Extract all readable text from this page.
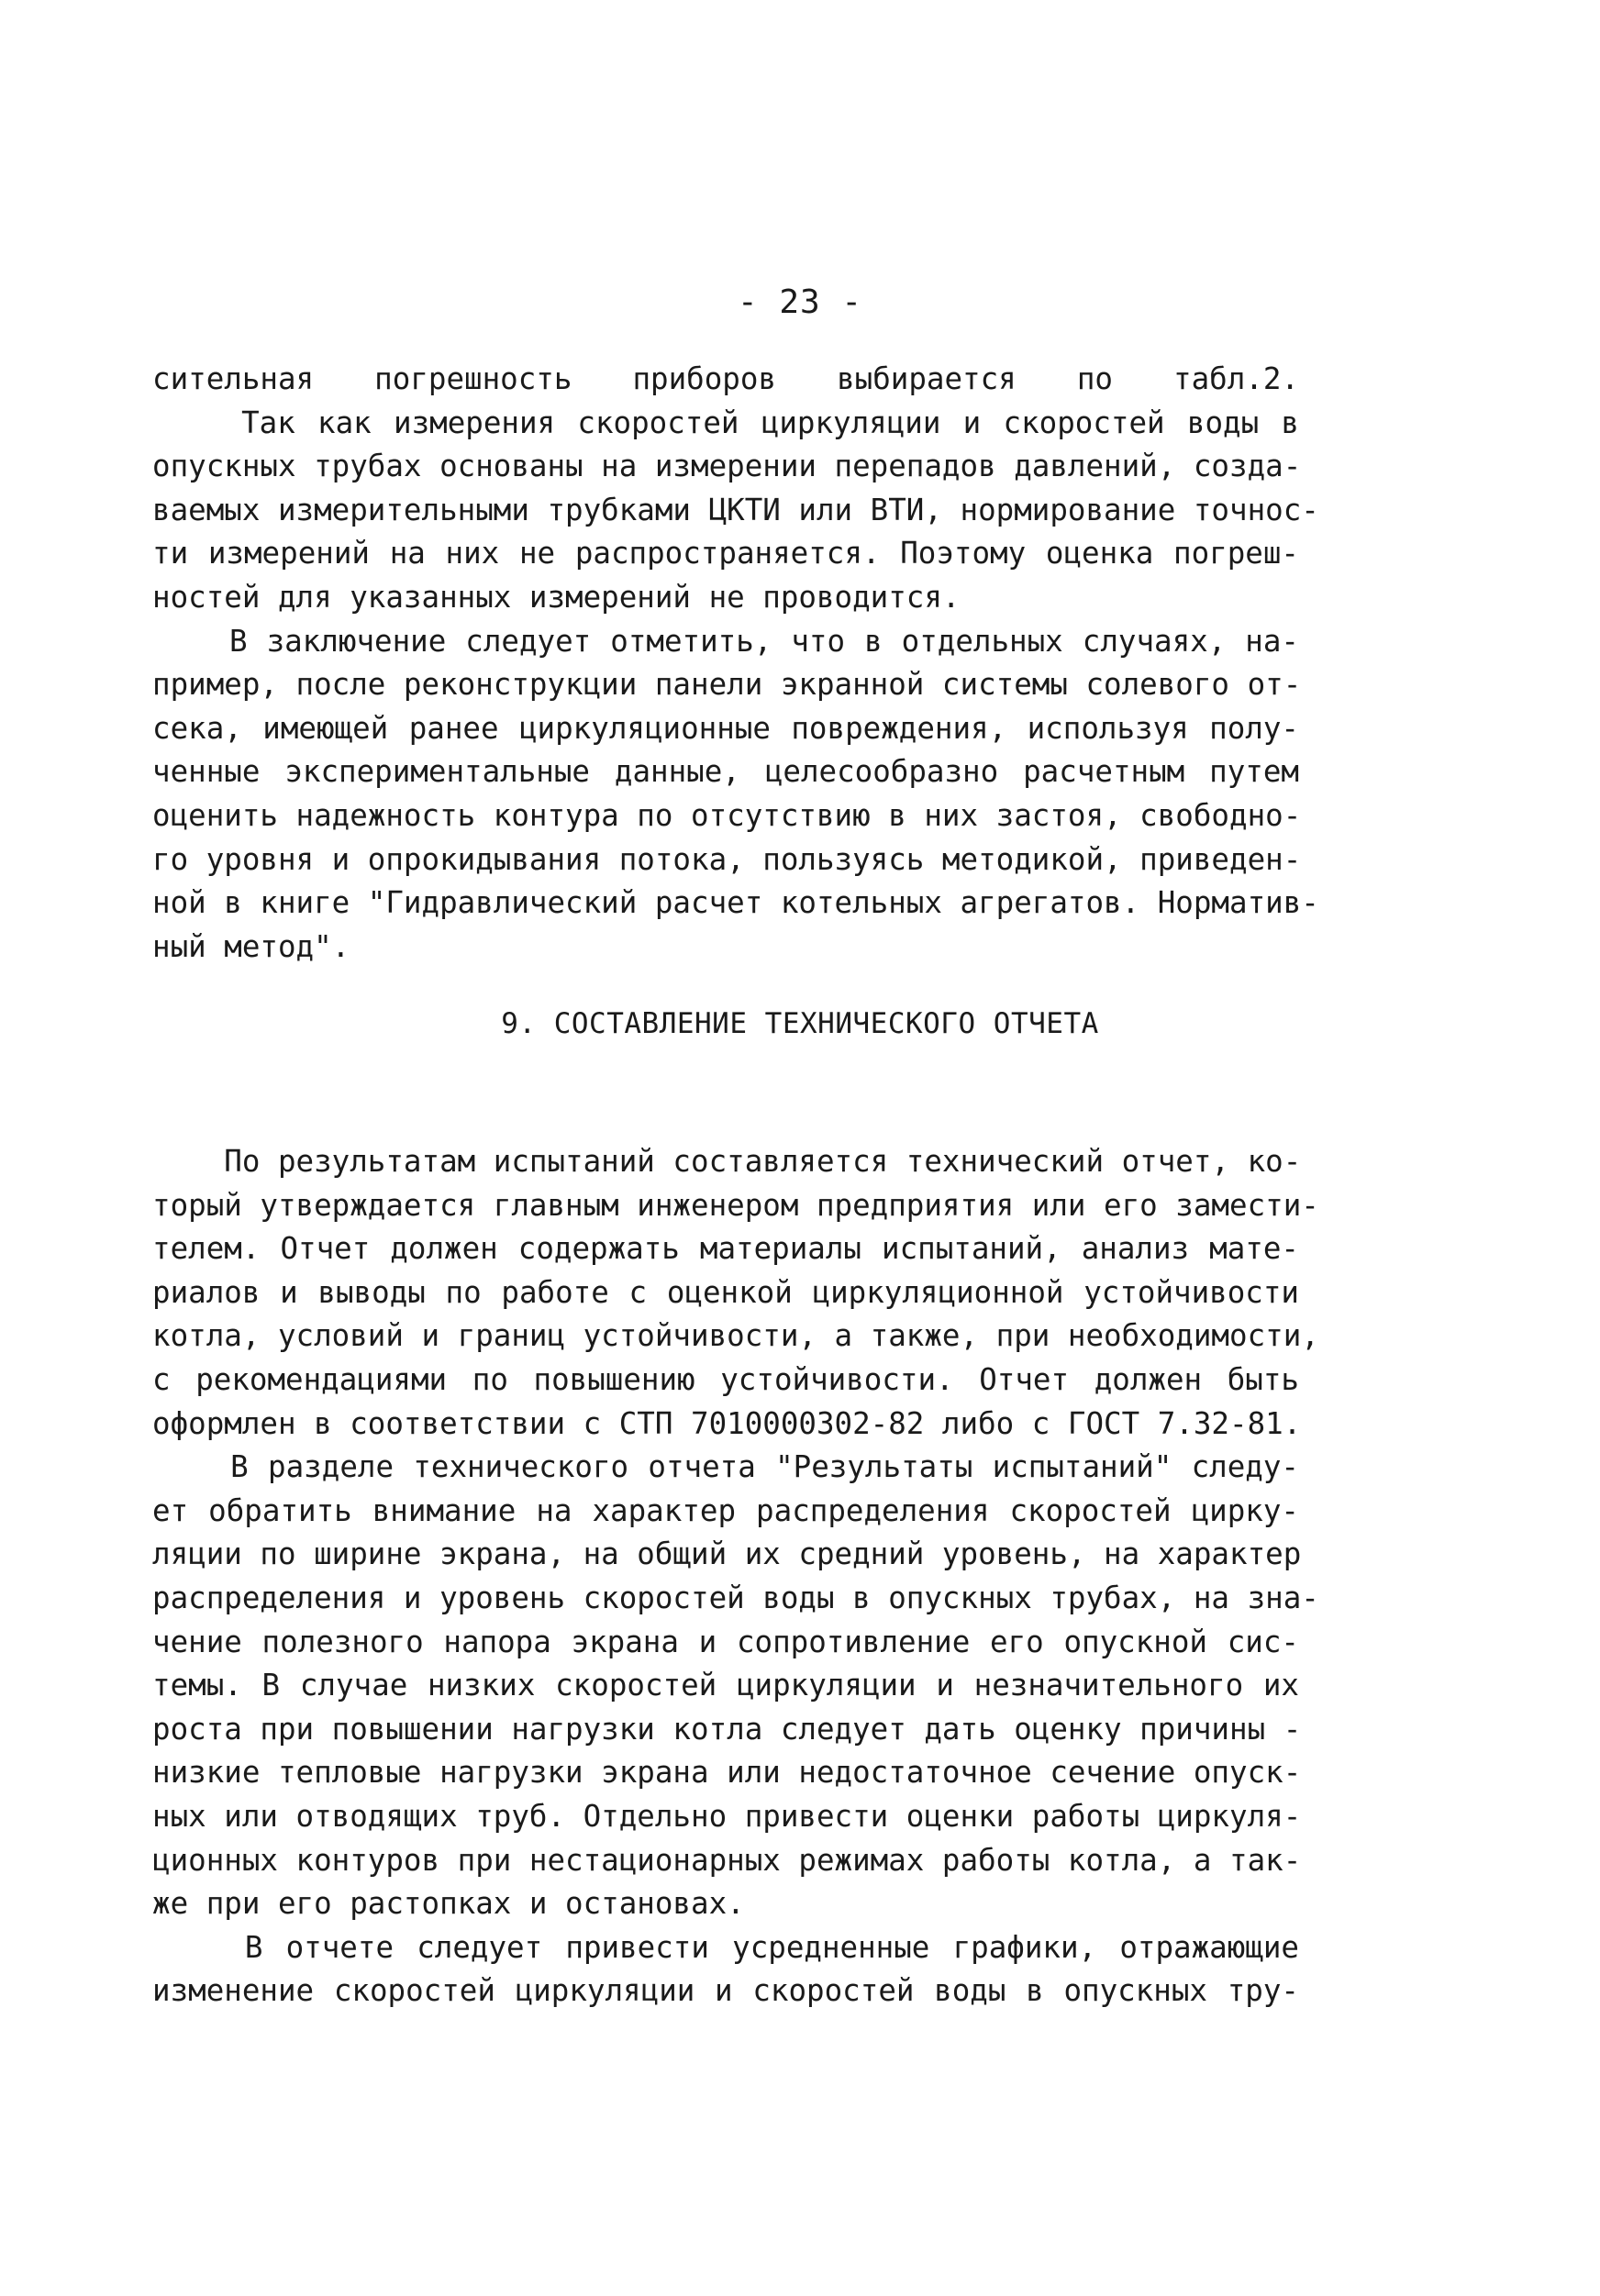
- 23 -
сительная погрешность приборов выбирается по табл.2.
Так как измерения скоростей циркуляции и скоростей воды в
опускных трубах основаны на измерении перепадов давлений, созда-
ваемых измерительными трубками ЦКТИ или ВТИ, нормирование точнос-
ти измерений на них не распространяется. Поэтому оценка погреш-
ностей для указанных измерений не проводится.
В заключение следует отметить, что в отдельных случаях, на-
пример, после реконструкции панели экранной системы солевого от-
сека, имеющей ранее циркуляционные повреждения, используя полу-
ченные экспериментальные данные, целесообразно расчетным путем
оценить надежность контура по отсутствию в них застоя, свободно-
го уровня и опрокидывания потока, пользуясь методикой, приведен-
ной в книге "Гидравлический расчет котельных агрегатов. Норматив-
ный метод".
9. СОСТАВЛЕНИЕ ТЕХНИЧЕСКОГО ОТЧЕТА
По результатам испытаний составляется технический отчет, ко-
торый утверждается главным инженером предприятия или его замести-
телем. Отчет должен содержать материалы испытаний, анализ мате-
риалов и выводы по работе с оценкой циркуляционной устойчивости
котла, условий и границ устойчивости, а также, при необходимости,
с рекомендациями по повышению устойчивости. Отчет должен быть
оформлен в соответствии с СТП 7010000302-82 либо с ГОСТ 7.32-81.
В разделе технического отчета "Результаты испытаний" следу-
ет обратить внимание на характер распределения скоростей цирку-
ляции по ширине экрана, на общий их средний уровень, на характер
распределения и уровень скоростей воды в опускных трубах, на зна-
чение полезного напора экрана и сопротивление его опускной сис-
темы. В случае низких скоростей циркуляции и незначительного их
роста при повышении нагрузки котла следует дать оценку причины -
низкие тепловые нагрузки экрана или недостаточное сечение опуск-
ных или отводящих труб. Отдельно привести оценки работы циркуля-
ционных контуров при нестационарных режимах работы котла, а так-
же при его растопках и остановах.
В отчете следует привести усредненные графики, отражающие
изменение скоростей циркуляции и скоростей воды в опускных тру-
